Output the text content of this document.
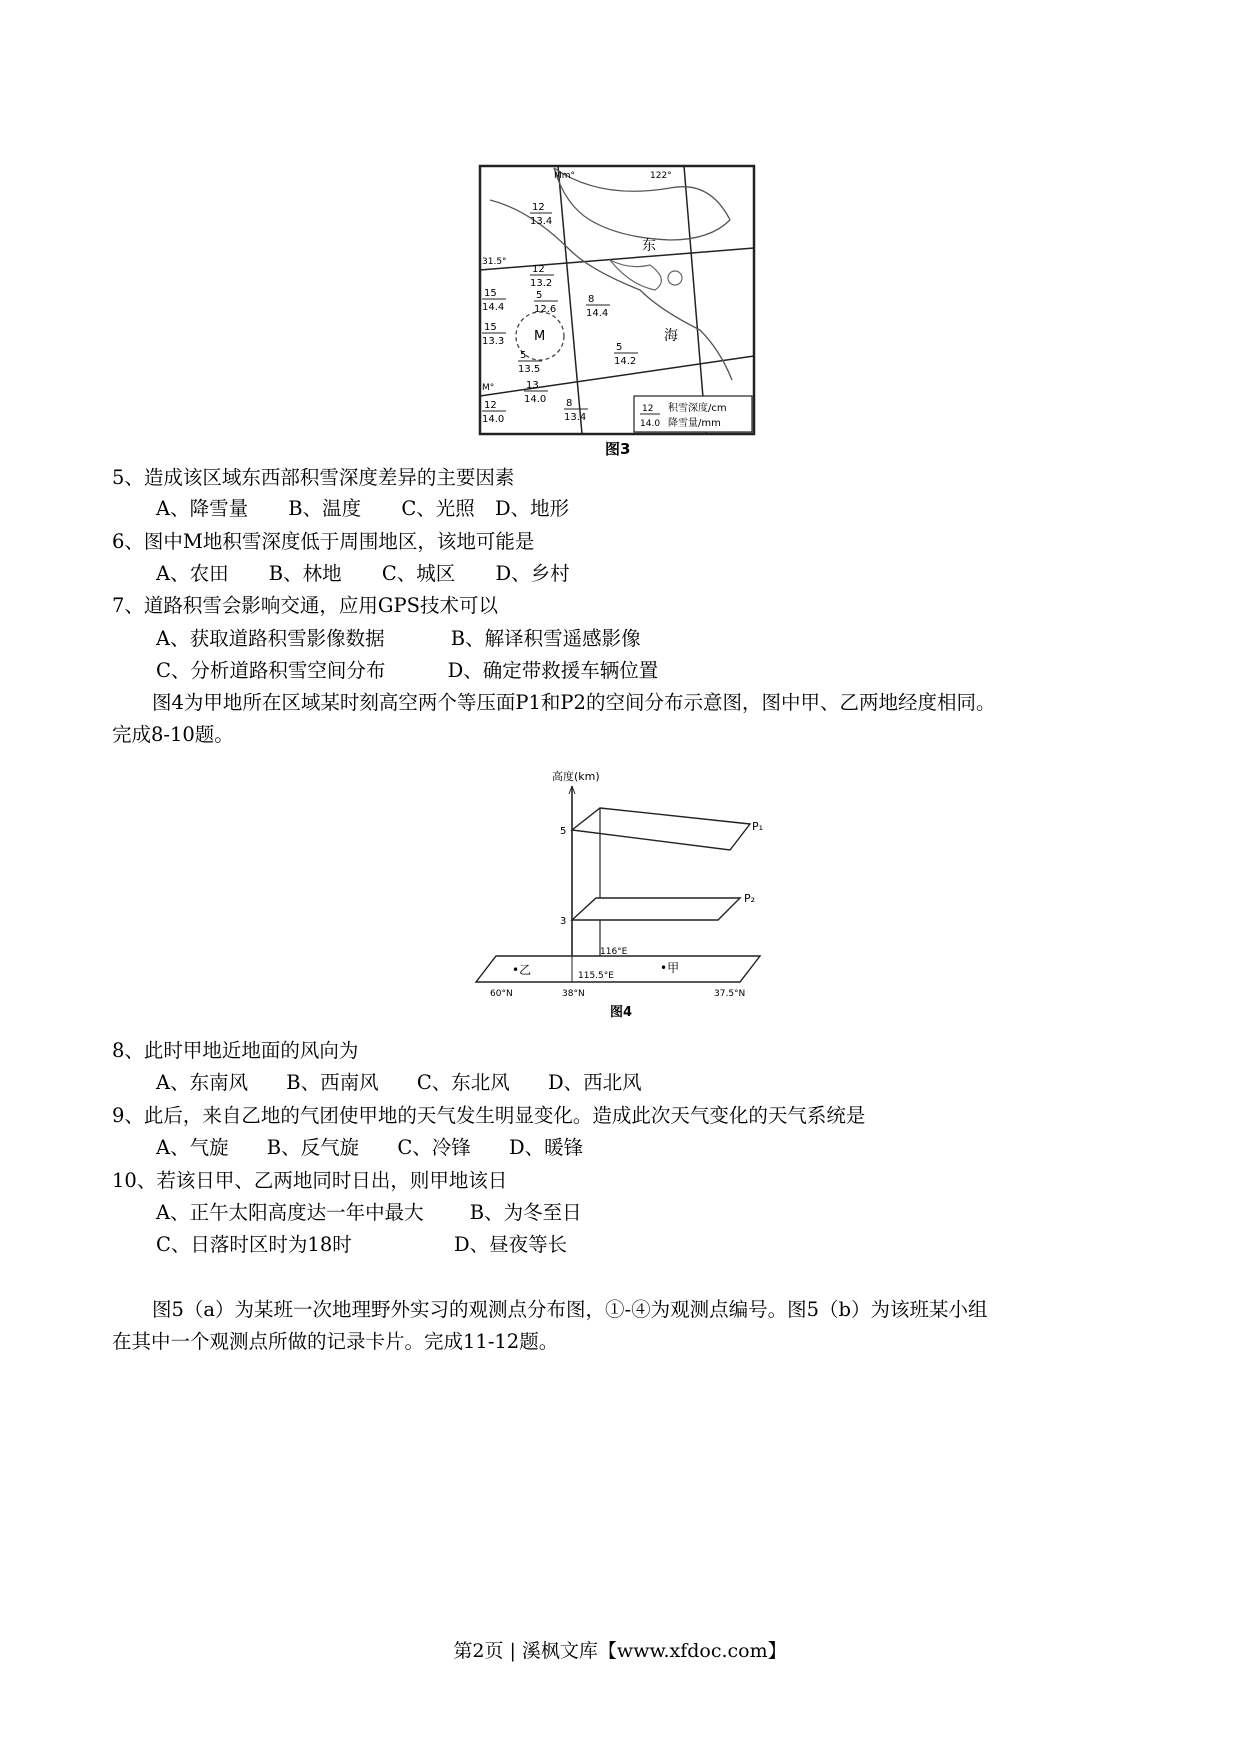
M
东
海
122°
31.5°
M°
Mm°
12
13.4
12
13.2
15
14.4
5
12.6
8
14.4
15
13.3
5
13.5
5
14.2
13
14.0
12
14.0
8
13.4
12
14.0
积雪深度/cm
降雪量/mm
图3
5、造成该区域东西部积雪深度差异的主要因素
A、降雪量 B、温度 C、光照 D、地形
6、图中M地积雪深度低于周围地区，该地可能是
A、农田 B、林地 C、城区 D、乡村
7、道路积雪会影响交通，应用GPS技术可以
A、获取道路积雪影像数据	B、解译积雪遥感影像
C、分析道路积雪空间分布	D、确定带救援车辆位置
图4为甲地所在区域某时刻高空两个等压面P1和P2的空间分布示意图，图中甲、乙两地经度相同。
完成8-10题。
高度(km)
5
3
P₁
P₂
116°E
115.5°E
•乙	•甲
60°N	38°N	37.5°N
图4
8、此时甲地近地面的风向为
A、东南风 B、西南风 C、东北风 D、西北风
9、此后，来自乙地的气团使甲地的天气发生明显变化。造成此次天气变化的天气系统是
A、气旋 B、反气旋 C、冷锋 D、暖锋
10、若该日甲、乙两地同时日出，则甲地该日
A、正午太阳高度达一年中最大 B、为冬至日
C、日落时区时为18时	D、昼夜等长
图5（a）为某班一次地理野外实习的观测点分布图，①-④为观测点编号。图5（b）为该班某小组
在其中一个观测点所做的记录卡片。完成11-12题。
第2页 | 溪枫文库【www.xfdoc.com】
